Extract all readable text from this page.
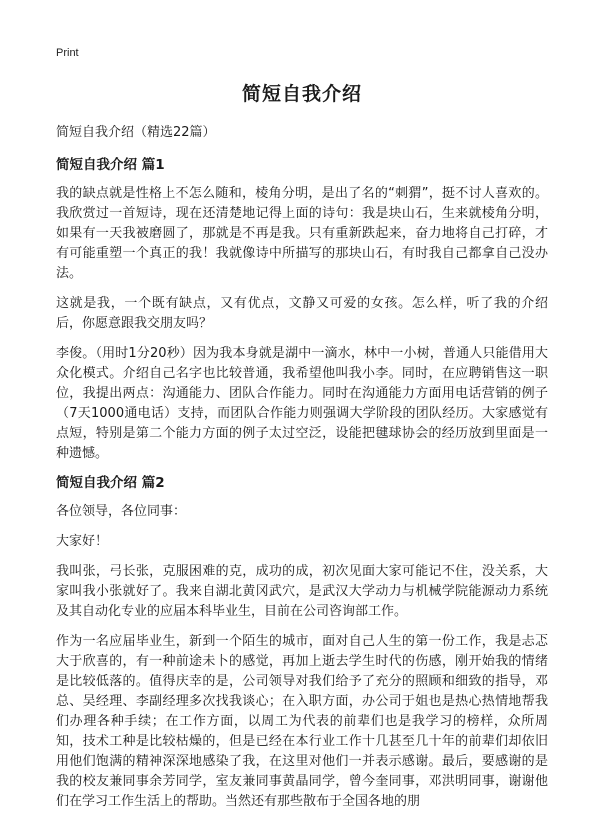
Print
简短自我介绍
简短自我介绍（精选22篇）
简短自我介绍 篇1

我的缺点就是性格上不怎么随和，棱角分明，是出了名的“刺猬”，挺不讨人喜欢的。我欣赏过一首短诗，现在还清楚地记得上面的诗句：我是块山石，生来就棱角分明，如果有一天我被磨圆了，那就是不再是我。只有重新跌起来，奋力地将自己打碎，才有可能重塑一个真正的我！我就像诗中所描写的那块山石，有时我自己都拿自己没办法。

这就是我，一个既有缺点，又有优点，文静又可爱的女孩。怎么样，听了我的介绍后，你愿意跟我交朋友吗？

李俊。（用时1分20秒）因为我本身就是湖中一滴水，林中一小树，普通人只能借用大众化模式。介绍自己名字也比较普通，我希望他叫我小李。同时，在应聘销售这一职位，我提出两点：沟通能力、团队合作能力。同时在沟通能力方面用电话营销的例子（7天1000通电话）支持，而团队合作能力则强调大学阶段的团队经历。大家感觉有点短，特别是第二个能力方面的例子太过空泛，设能把毽球协会的经历放到里面是一种遗憾。

简短自我介绍 篇2

各位领导，各位同事：

大家好！

我叫张，弓长张，克服困难的克，成功的成，初次见面大家可能记不住，没关系，大家叫我小张就好了。我来自湖北黄冈武穴，是武汉大学动力与机械学院能源动力系统及其自动化专业的应届本科毕业生，目前在公司咨询部工作。

作为一名应届毕业生，新到一个陌生的城市，面对自己人生的第一份工作，我是忐忑大于欣喜的，有一种前途未卜的感觉，再加上逝去学生时代的伤感，刚开始我的情绪是比较低落的。值得庆幸的是，公司领导对我们给予了充分的照顾和细致的指导，邓总、吴经理、李副经理多次找我谈心；在入职方面，办公司于姐也是热心热情地帮我们办理各种手续；在工作方面，以周工为代表的前辈们也是我学习的榜样，众所周知，技术工种是比较枯燥的，但是已经在本行业工作十几甚至几十年的前辈们却依旧用他们饱满的精神深深地感染了我，在这里对他们一并表示感谢。最后，要感谢的是我的校友兼同事余芳同学，室友兼同事黄晶同学，曾今奎同事，邓洪明同事，谢谢他们在学习工作生活上的帮助。当然还有那些散布于全国各地的朋
